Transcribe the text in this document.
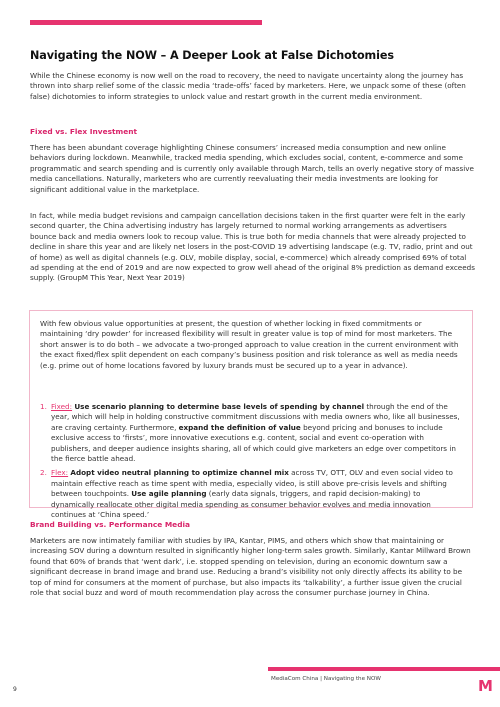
Navigating the NOW – A Deeper Look at False Dichotomies

While the Chinese economy is now well on the road to recovery, the need to navigate uncertainty along the journey has thrown into sharp relief some of the classic media ‘trade-offs’ faced by marketers. Here, we unpack some of these (often false) dichotomies to inform strategies to unlock value and restart growth in the current media environment.

Fixed vs. Flex Investment

There has been abundant coverage highlighting Chinese consumers’ increased media consumption and new online behaviors during lockdown. Meanwhile, tracked media spending, which excludes social, content, e-commerce and some programmatic and search spending and is currently only available through March, tells an overly negative story of massive media cancellations. Naturally, marketers who are currently reevaluating their media investments are looking for significant additional value in the marketplace.

In fact, while media budget revisions and campaign cancellation decisions taken in the first quarter were felt in the early second quarter, the China advertising industry has largely returned to normal working arrangements as advertisers bounce back and media owners look to recoup value. This is true both for media channels that were already projected to decline in share this year and are likely net losers in the post-COVID 19 advertising landscape (e.g. TV, radio, print and out of home) as well as digital channels (e.g. OLV, mobile display, social, e-commerce) which already comprised 69% of total ad spending at the end of 2019 and are now expected to grow well ahead of the original 8% prediction as demand exceeds supply. (GroupM This Year, Next Year 2019)

With few obvious value opportunities at present, the question of whether locking in fixed commitments or maintaining ‘dry powder’ for increased flexibility will result in greater value is top of mind for most marketers. The short answer is to do both – we advocate a two-pronged approach to value creation in the current environment with the exact fixed/flex split dependent on each company’s business position and risk tolerance as well as media needs (e.g. prime out of home locations favored by luxury brands must be secured up to a year in advance).

1. Fixed: Use scenario planning to determine base levels of spending by channel through the end of the year, which will help in holding constructive commitment discussions with media owners who, like all businesses, are craving certainty. Furthermore, expand the definition of value beyond pricing and bonuses to include exclusive access to ‘firsts’, more innovative executions e.g. content, social and event co-operation with publishers, and deeper audience insights sharing, all of which could give marketers an edge over competitors in the fierce battle ahead.
2. Flex: Adopt video neutral planning to optimize channel mix across TV, OTT, OLV and even social video to maintain effective reach as time spent with media, especially video, is still above pre-crisis levels and shifting between touchpoints. Use agile planning (early data signals, triggers, and rapid decision-making) to dynamically reallocate other digital media spending as consumer behavior evolves and media innovation continues at ‘China speed.’
Brand Building vs. Performance Media

Marketers are now intimately familiar with studies by IPA, Kantar, PIMS, and others which show that maintaining or increasing SOV during a downturn resulted in significantly higher long-term sales growth. Similarly, Kantar Millward Brown found that 60% of brands that ‘went dark’, i.e. stopped spending on television, during an economic downturn saw a significant decrease in brand image and brand use. Reducing a brand’s visibility not only directly affects its ability to be top of mind for consumers at the moment of purchase, but also impacts its ‘talkability’, a further issue given the crucial role that social buzz and word of mouth recommendation play across the consumer purchase journey in China.

MediaCom China | Navigating the NOW

9	M
